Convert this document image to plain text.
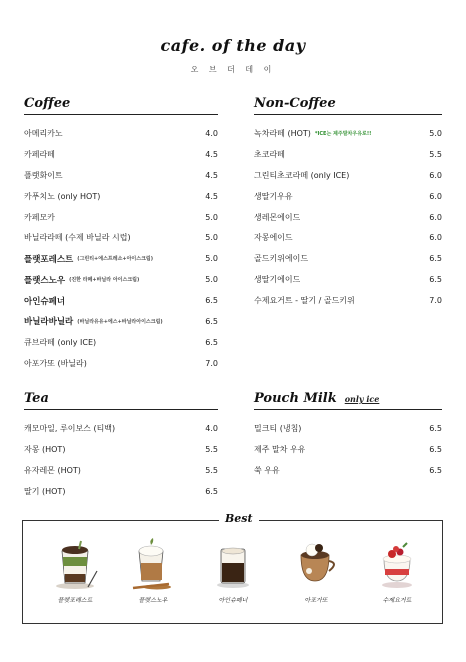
cafe. of the day
오 브 더 데 이
Coffee
아메리카노	4.0
카페라떼	4.5
플랫화이트	4.5
카푸치노 (only HOT)	4.5
카페모카	5.0
바닐라라떼 (수제 바닐라 시럽)	5.0
플랫포레스트 (그린티+에스프레소+아이스크림)	5.0
플랫스노우 (진한 라떼+바닐라 아이스크림)	5.0
아인슈페너	6.5
바닐라바닐라 (바닐라유유+에스+바닐라아이스크림)	6.5
큐브라떼 (only ICE)	6.5
아포가또 (바닐라)	7.0
Non-Coffee
녹차라떼 (HOT) *ICE는 제주말차우유로!!	5.0
초코라떼	5.5
그린티초코라떼 (only ICE)	6.0
생딸기우유	6.0
생레몬에이드	6.0
자몽에이드	6.0
골드키위에이드	6.5
생딸기에이드	6.5
수제요거트 - 딸기 / 골드키위	7.0
Tea
캐모마일, 루이보스 (티백)	4.0
자몽 (HOT)	5.5
유자레몬 (HOT)	5.5
딸기 (HOT)	6.5
Pouch Milk only ice
밀크티 (냉침)	6.5
제주 말차 우유	6.5
쑥 우유	6.5
Best
플랫포레스트	플랫스노우	아인슈페너	아포가또	수제요거트
